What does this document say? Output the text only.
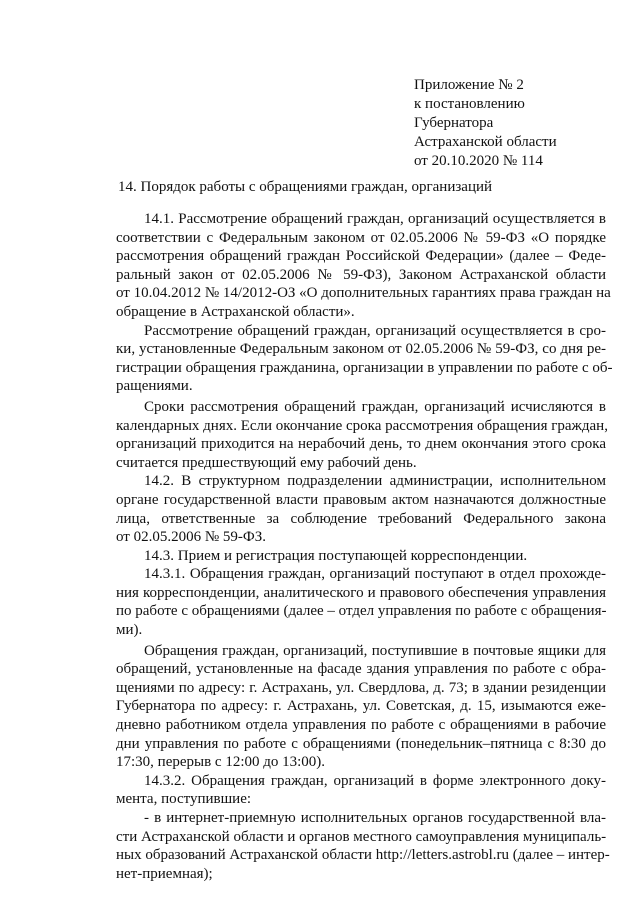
Приложение № 2
к постановлению
Губернатора
Астраханской области
от 20.10.2020 № 114
14. Порядок работы с обращениями граждан, организаций
14.1. Рассмотрение обращений граждан, организаций осуществляется в
соответствии с Федеральным законом от 02.05.2006 № 59-ФЗ «О порядке
рассмотрения обращений граждан Российской Федерации» (далее – Феде-
ральный закон от 02.05.2006 № 59-ФЗ), Законом Астраханской области
от 10.04.2012 № 14/2012-ОЗ «О дополнительных гарантиях права граждан на
обращение в Астраханской области».
Рассмотрение обращений граждан, организаций осуществляется в сро-
ки, установленные Федеральным законом от 02.05.2006 № 59-ФЗ, со дня ре-
гистрации обращения гражданина, организации в управлении по работе с об-
ращениями.
Сроки рассмотрения обращений граждан, организаций исчисляются в
календарных днях. Если окончание срока рассмотрения обращения граждан,
организаций приходится на нерабочий день, то днем окончания этого срока
считается предшествующий ему рабочий день.
14.2. В структурном подразделении администрации, исполнительном
органе государственной власти правовым актом назначаются должностные
лица, ответственные за соблюдение требований Федерального закона
от 02.05.2006 № 59-ФЗ.
14.3. Прием и регистрация поступающей корреспонденции.
14.3.1. Обращения граждан, организаций поступают в отдел прохожде-
ния корреспонденции, аналитического и правового обеспечения управления
по работе с обращениями (далее – отдел управления по работе с обращения-
ми).
Обращения граждан, организаций, поступившие в почтовые ящики для
обращений, установленные на фасаде здания управления по работе с обра-
щениями по адресу: г. Астрахань, ул. Свердлова, д. 73; в здании резиденции
Губернатора по адресу: г. Астрахань, ул. Советская, д. 15, изымаются еже-
дневно работником отдела управления по работе с обращениями в рабочие
дни управления по работе с обращениями (понедельник–пятница с 8:30 до
17:30, перерыв с 12:00 до 13:00).
14.3.2. Обращения граждан, организаций в форме электронного доку-
мента, поступившие:
- в интернет-приемную исполнительных органов государственной вла-
сти Астраханской области и органов местного самоуправления муниципаль-
ных образований Астраханской области http://letters.astrobl.ru (далее – интер-
нет-приемная);
